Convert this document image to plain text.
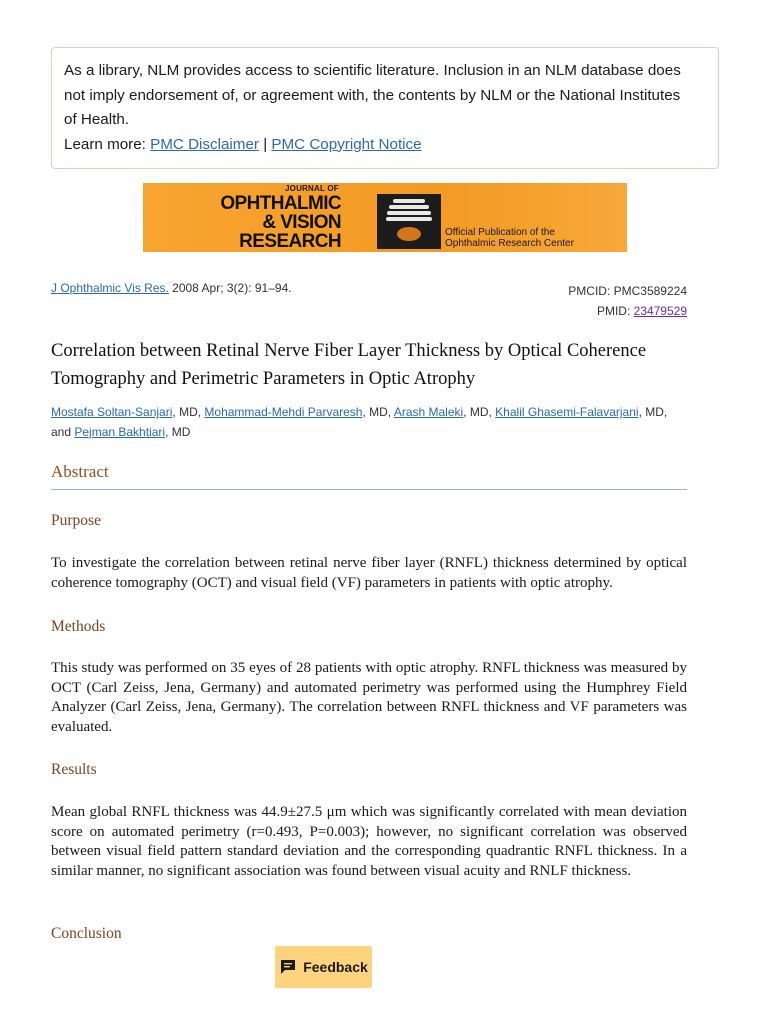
As a library, NLM provides access to scientific literature. Inclusion in an NLM database does
not imply endorsement of, or agreement with, the contents by NLM or the National Institutes
of Health.
Learn more: PMC Disclaimer | PMC Copyright Notice
JOURNAL OF
OPHTHALMIC
& VISION
RESEARCH	Official Publication of the
Ophthalmic Research Center
J Ophthalmic Vis Res. 2008 Apr; 3(2): 91–94.	PMCID: PMC3589224
PMID: 23479529
Correlation between Retinal Nerve Fiber Layer Thickness by Optical Coherence
Tomography and Perimetric Parameters in Optic Atrophy
Mostafa Soltan-Sanjari, MD, Mohammad-Mehdi Parvaresh, MD, Arash Maleki, MD, Khalil Ghasemi-Falavarjani, MD,
and Pejman Bakhtiari, MD
Abstract
Purpose
To investigate the correlation between retinal nerve fiber layer (RNFL) thickness determined by optical coherence tomography (OCT) and visual field (VF) parameters in patients with optic atrophy.
Methods
This study was performed on 35 eyes of 28 patients with optic atrophy. RNFL thickness was measured by OCT (Carl Zeiss, Jena, Germany) and automated perimetry was performed using the Humphrey Field Analyzer (Carl Zeiss, Jena, Germany). The correlation between RNFL thickness and VF parameters was evaluated.
Results
Mean global RNFL thickness was 44.9±27.5 μm which was significantly correlated with mean deviation score on automated perimetry (r=0.493, P=0.003); however, no significant correlation was observed between visual field pattern standard deviation and the corresponding quadrantic RNFL thickness. In a similar manner, no significant association was found between visual acuity and RNLF thickness.
Conclusion
Feedback
